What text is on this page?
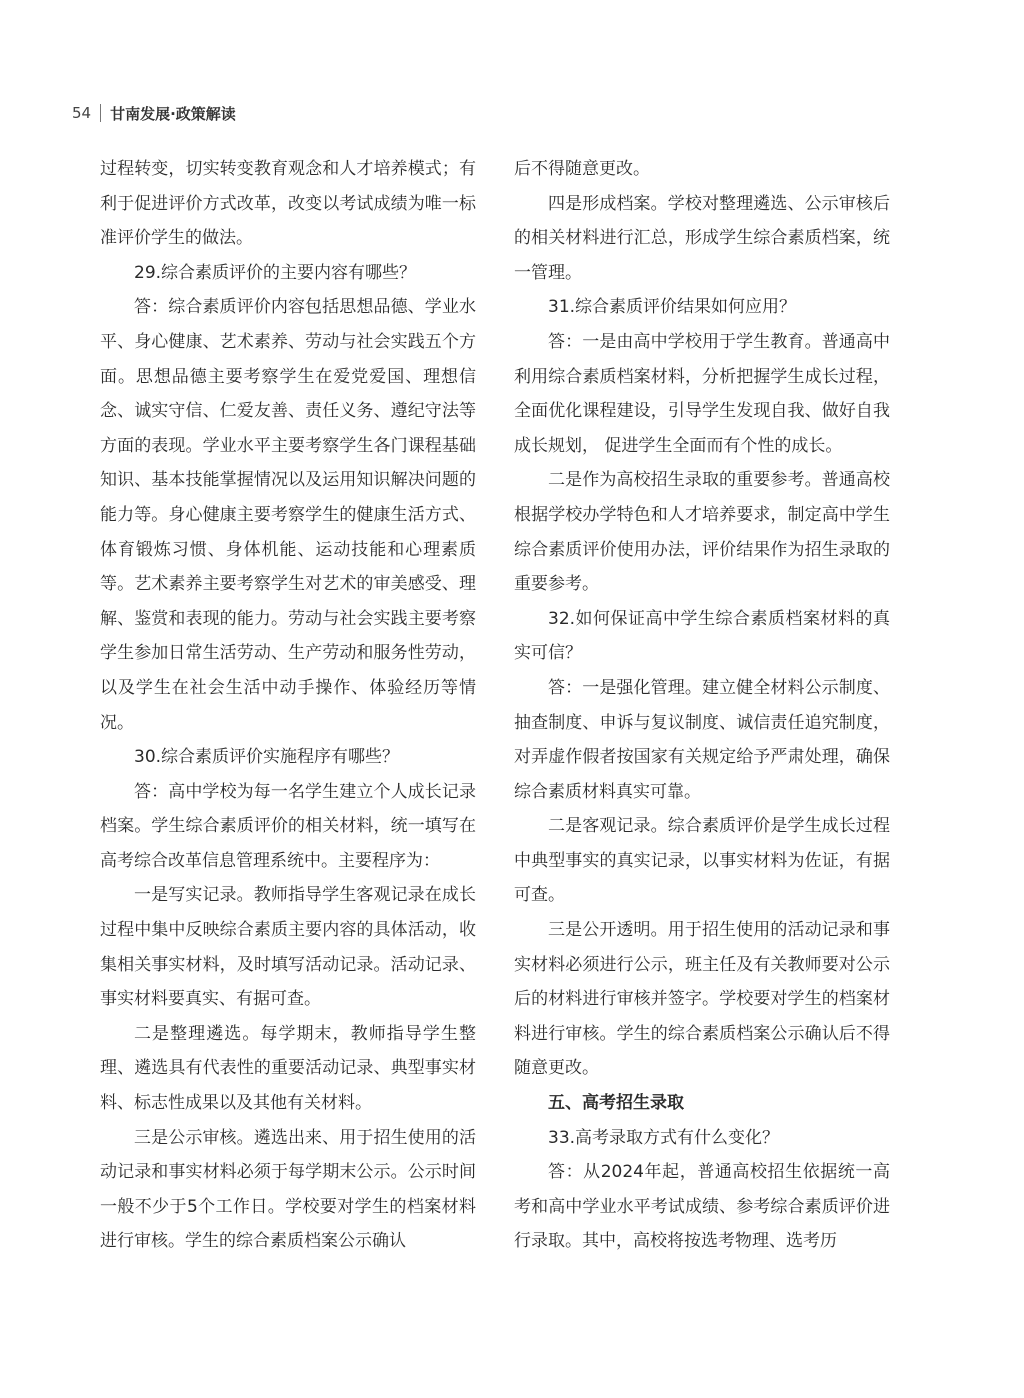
54 甘南发展·政策解读

过程转变，切实转变教育观念和人才培养模式；有利于促进评价方式改革，改变以考试成绩为唯一标准评价学生的做法。

29.综合素质评价的主要内容有哪些？

答：综合素质评价内容包括思想品德、学业水平、身心健康、艺术素养、劳动与社会实践五个方面。思想品德主要考察学生在爱党爱国、理想信念、诚实守信、仁爱友善、责任义务、遵纪守法等方面的表现。学业水平主要考察学生各门课程基础知识、基本技能掌握情况以及运用知识解决问题的能力等。身心健康主要考察学生的健康生活方式、体育锻炼习惯、身体机能、运动技能和心理素质等。艺术素养主要考察学生对艺术的审美感受、理解、鉴赏和表现的能力。劳动与社会实践主要考察学生参加日常生活劳动、生产劳动和服务性劳动，以及学生在社会生活中动手操作、体验经历等情况。

30.综合素质评价实施程序有哪些？

答：高中学校为每一名学生建立个人成长记录档案。学生综合素质评价的相关材料，统一填写在高考综合改革信息管理系统中。主要程序为：

一是写实记录。教师指导学生客观记录在成长过程中集中反映综合素质主要内容的具体活动，收集相关事实材料，及时填写活动记录。活动记录、事实材料要真实、有据可查。

二是整理遴选。每学期末，教师指导学生整理、遴选具有代表性的重要活动记录、典型事实材料、标志性成果以及其他有关材料。

三是公示审核。遴选出来、用于招生使用的活动记录和事实材料必须于每学期末公示。公示时间一般不少于5个工作日。学校要对学生的档案材料进行审核。学生的综合素质档案公示确认

后不得随意更改。

四是形成档案。学校对整理遴选、公示审核后的相关材料进行汇总，形成学生综合素质档案，统一管理。

31.综合素质评价结果如何应用？

答：一是由高中学校用于学生教育。普通高中利用综合素质档案材料，分析把握学生成长过程，全面优化课程建设，引导学生发现自我、做好自我成长规划， 促进学生全面而有个性的成长。

二是作为高校招生录取的重要参考。普通高校根据学校办学特色和人才培养要求，制定高中学生综合素质评价使用办法，评价结果作为招生录取的重要参考。

32.如何保证高中学生综合素质档案材料的真实可信？

答：一是强化管理。建立健全材料公示制度、抽查制度、申诉与复议制度、诚信责任追究制度，对弄虚作假者按国家有关规定给予严肃处理，确保综合素质材料真实可靠。

二是客观记录。综合素质评价是学生成长过程中典型事实的真实记录，以事实材料为佐证，有据可查。

三是公开透明。用于招生使用的活动记录和事实材料必须进行公示，班主任及有关教师要对公示后的材料进行审核并签字。学校要对学生的档案材料进行审核。学生的综合素质档案公示确认后不得随意更改。

五、高考招生录取

33.高考录取方式有什么变化？

答：从2024年起，普通高校招生依据统一高考和高中学业水平考试成绩、参考综合素质评价进行录取。其中，高校将按选考物理、选考历
